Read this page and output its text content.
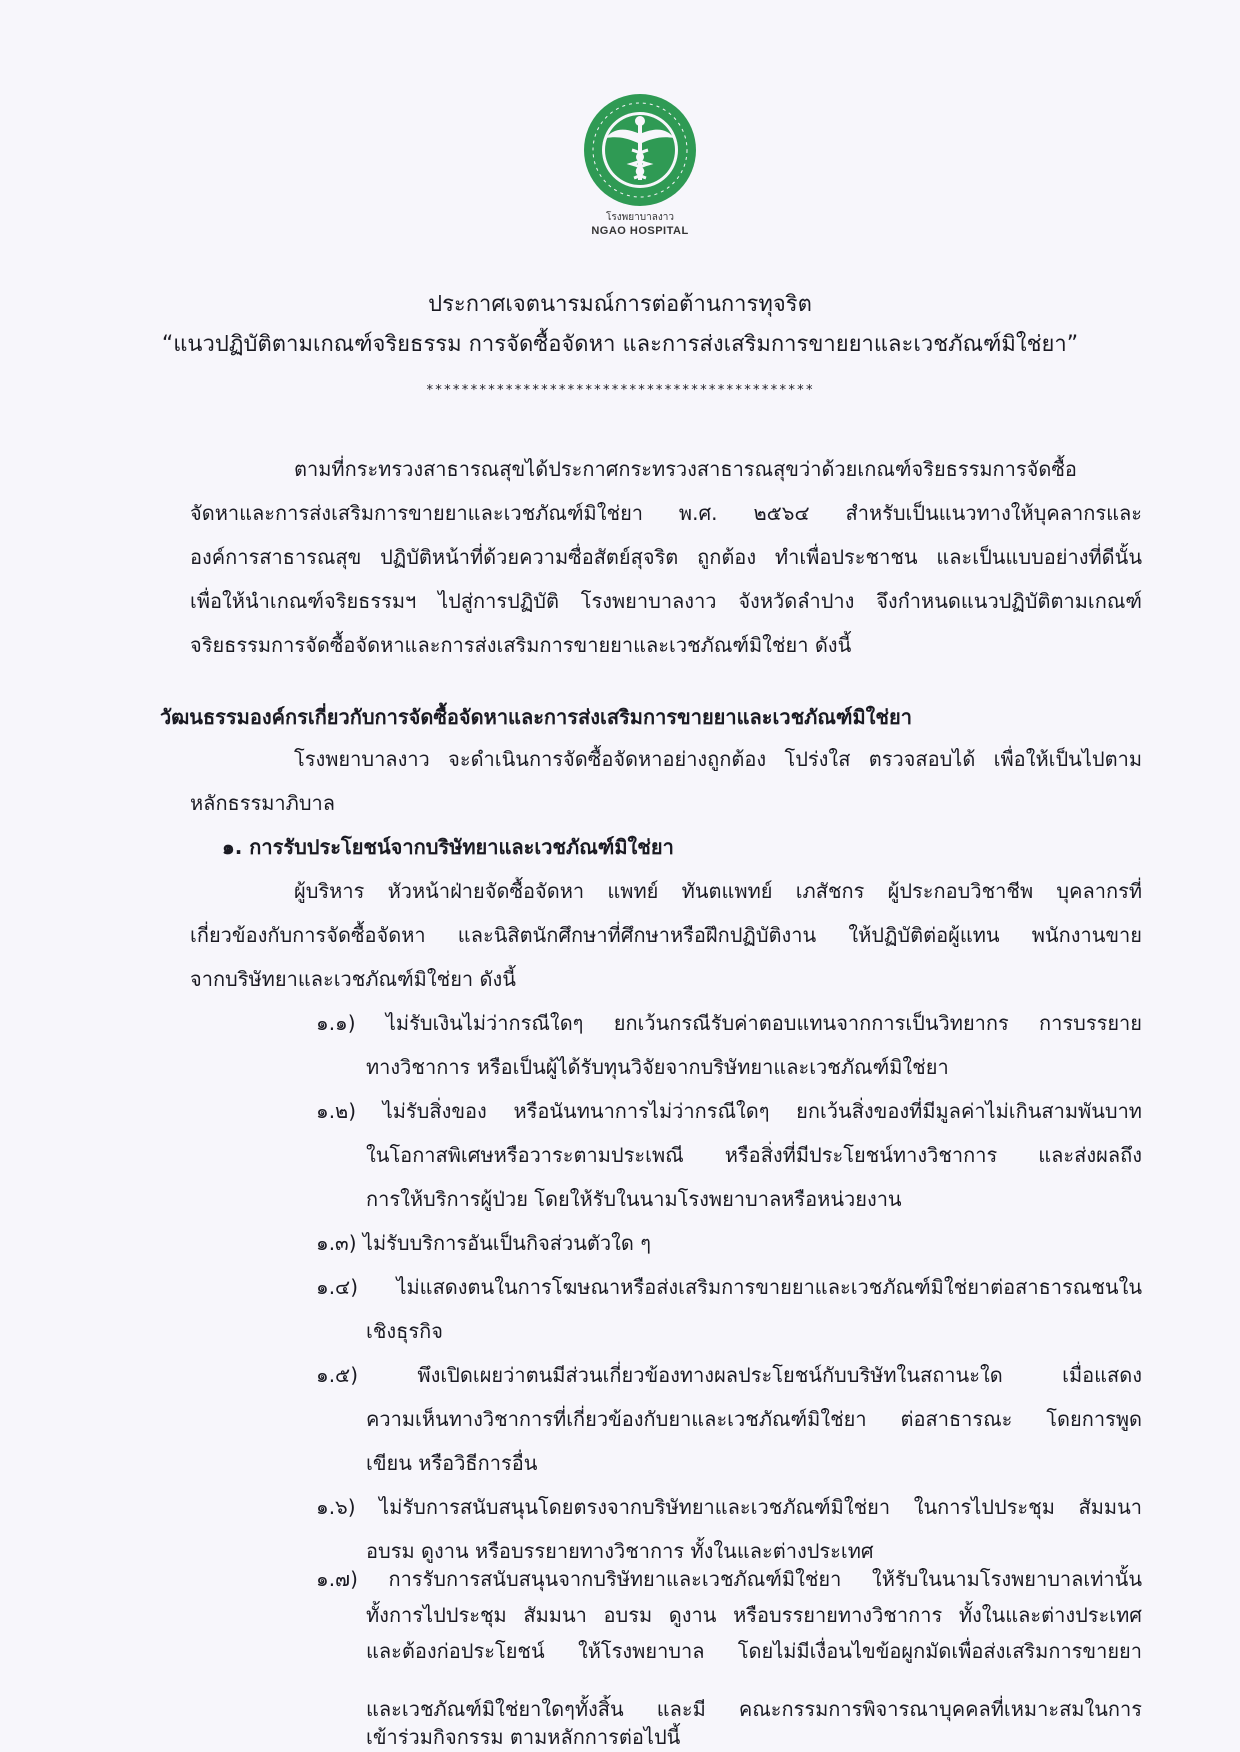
โรงพยาบาลงาว
NGAO HOSPITAL
ประกาศเจตนารมณ์การต่อต้านการทุจริต
“แนวปฏิบัติตามเกณฑ์จริยธรรม การจัดซื้อจัดหา และการส่งเสริมการขายยาและเวชภัณฑ์มิใช่ยา”
********************************************
ตามที่กระทรวงสาธารณสุขได้ประกาศกระทรวงสาธารณสุขว่าด้วยเกณฑ์จริยธรรมการจัดซื้อ
จัดหาและการส่งเสริมการขายยาและเวชภัณฑ์มิใช่ยา พ.ศ. ๒๕๖๔ สำหรับเป็นแนวทางให้บุคลากรและ
องค์การสาธารณสุข ปฏิบัติหน้าที่ด้วยความซื่อสัตย์สุจริต ถูกต้อง ทำเพื่อประชาชน และเป็นแบบอย่างที่ดีนั้น
เพื่อให้นำเกณฑ์จริยธรรมฯ ไปสู่การปฏิบัติ โรงพยาบาลงาว จังหวัดลำปาง จึงกำหนดแนวปฏิบัติตามเกณฑ์
จริยธรรมการจัดซื้อจัดหาและการส่งเสริมการขายยาและเวชภัณฑ์มิใช่ยา ดังนี้
วัฒนธรรมองค์กรเกี่ยวกับการจัดซื้อจัดหาและการส่งเสริมการขายยาและเวชภัณฑ์มิใช่ยา
โรงพยาบาลงาว จะดำเนินการจัดซื้อจัดหาอย่างถูกต้อง โปร่งใส ตรวจสอบได้ เพื่อให้เป็นไปตาม
หลักธรรมาภิบาล
๑. การรับประโยชน์จากบริษัทยาและเวชภัณฑ์มิใช่ยา
ผู้บริหาร หัวหน้าฝ่ายจัดซื้อจัดหา แพทย์ ทันตแพทย์ เภสัชกร ผู้ประกอบวิชาชีพ บุคลากรที่
เกี่ยวข้องกับการจัดซื้อจัดหา และนิสิตนักศึกษาที่ศึกษาหรือฝึกปฏิบัติงาน ให้ปฏิบัติต่อผู้แทน พนักงานขาย
จากบริษัทยาและเวชภัณฑ์มิใช่ยา ดังนี้
๑.๑) ไม่รับเงินไม่ว่ากรณีใดๆ ยกเว้นกรณีรับค่าตอบแทนจากการเป็นวิทยากร การบรรยาย
ทางวิชาการ หรือเป็นผู้ได้รับทุนวิจัยจากบริษัทยาและเวชภัณฑ์มิใช่ยา
๑.๒) ไม่รับสิ่งของ หรือนันทนาการไม่ว่ากรณีใดๆ ยกเว้นสิ่งของที่มีมูลค่าไม่เกินสามพันบาท
ในโอกาสพิเศษหรือวาระตามประเพณี หรือสิ่งที่มีประโยชน์ทางวิชาการ และส่งผลถึง
การให้บริการผู้ป่วย โดยให้รับในนามโรงพยาบาลหรือหน่วยงาน
๑.๓) ไม่รับบริการอันเป็นกิจส่วนตัวใด ๆ
๑.๔) ไม่แสดงตนในการโฆษณาหรือส่งเสริมการขายยาและเวชภัณฑ์มิใช่ยาต่อสาธารณชนใน
เชิงธุรกิจ
๑.๕) พึงเปิดเผยว่าตนมีส่วนเกี่ยวข้องทางผลประโยชน์กับบริษัทในสถานะใด เมื่อแสดง
ความเห็นทางวิชาการที่เกี่ยวข้องกับยาและเวชภัณฑ์มิใช่ยา ต่อสาธารณะ โดยการพูด
เขียน หรือวิธีการอื่น
๑.๖) ไม่รับการสนับสนุนโดยตรงจากบริษัทยาและเวชภัณฑ์มิใช่ยา ในการไปประชุม สัมมนา
อบรม ดูงาน หรือบรรยายทางวิชาการ ทั้งในและต่างประเทศ
๑.๗) การรับการสนับสนุนจากบริษัทยาและเวชภัณฑ์มิใช่ยา ให้รับในนามโรงพยาบาลเท่านั้น
ทั้งการไปประชุม สัมมนา อบรม ดูงาน หรือบรรยายทางวิชาการ ทั้งในและต่างประเทศ
และต้องก่อประโยชน์ ให้โรงพยาบาล โดยไม่มีเงื่อนไขข้อผูกมัดเพื่อส่งเสริมการขายยา
และเวชภัณฑ์มิใช่ยาใดๆทั้งสิ้น และมี คณะกรรมการพิจารณาบุคคลที่เหมาะสมในการ
เข้าร่วมกิจกรรม ตามหลักการต่อไปนี้
